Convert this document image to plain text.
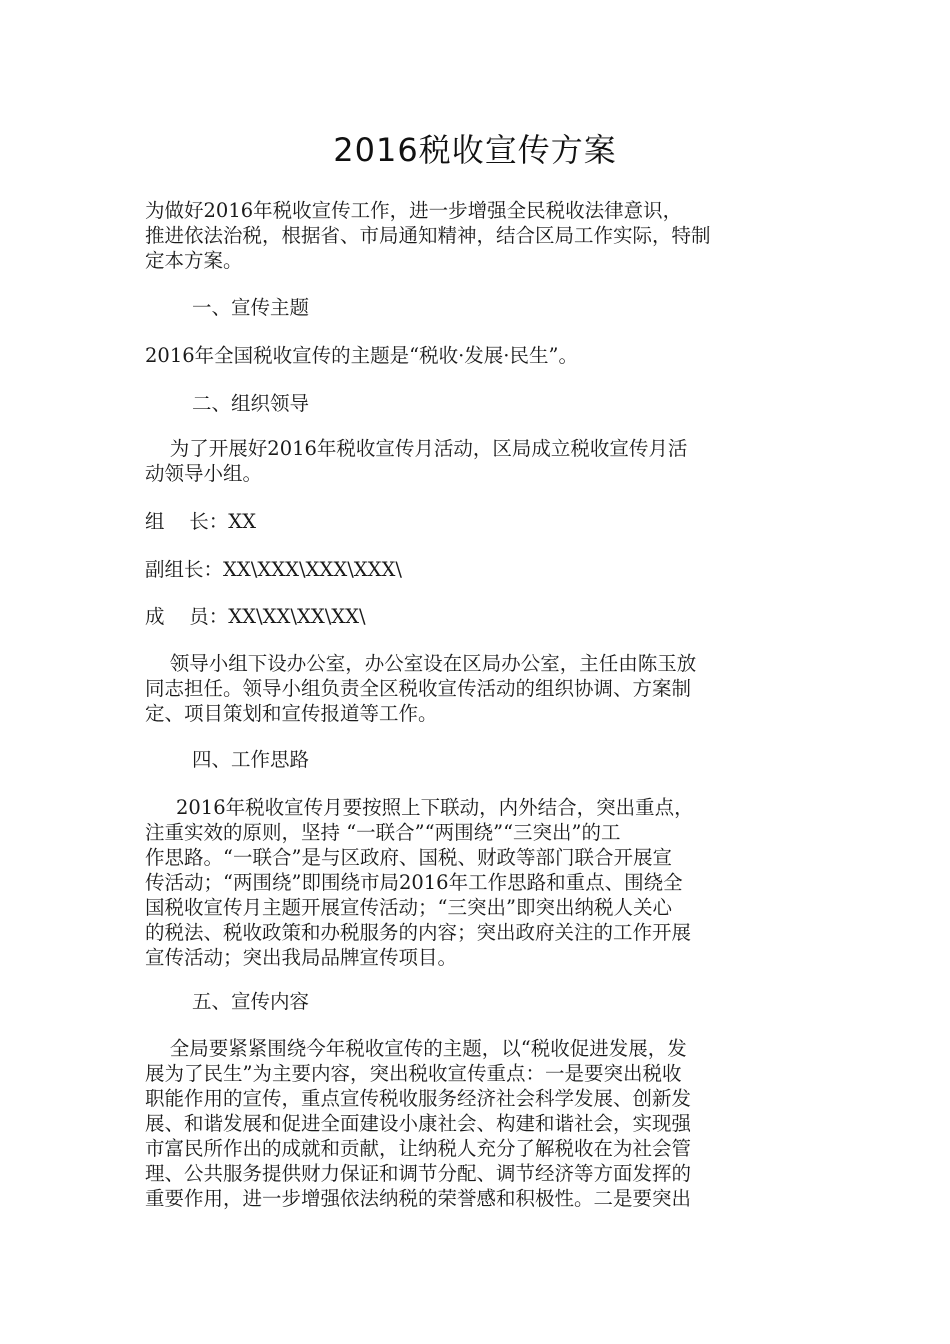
2016税收宣传方案
为做好2016年税收宣传工作，进一步增强全民税收法律意识，
推进依法治税，根据省、市局通知精神，结合区局工作实际，特制
定本方案。
一、宣传主题
2016年全国税收宣传的主题是“税收·发展·民生”。
二、组织领导
为了开展好2016年税收宣传月活动，区局成立税收宣传月活
动领导小组。
组    长：XX
副组长：XX\XXX\XXX\XXX\
成    员：XX\XX\XX\XX\
领导小组下设办公室，办公室设在区局办公室，主任由陈玉放
同志担任。领导小组负责全区税收宣传活动的组织协调、方案制
定、项目策划和宣传报道等工作。
四、工作思路
2016年税收宣传月要按照上下联动，内外结合，突出重点，
注重实效的原则，坚持 “一联合”“两围绕”“三突出”的工
作思路。“一联合”是与区政府、国税、财政等部门联合开展宣
传活动；“两围绕”即围绕市局2016年工作思路和重点、围绕全
国税收宣传月主题开展宣传活动；“三突出”即突出纳税人关心
的税法、税收政策和办税服务的内容；突出政府关注的工作开展
宣传活动；突出我局品牌宣传项目。
五、宣传内容
全局要紧紧围绕今年税收宣传的主题，以“税收促进发展，发
展为了民生”为主要内容，突出税收宣传重点：一是要突出税收
职能作用的宣传，重点宣传税收服务经济社会科学发展、创新发
展、和谐发展和促进全面建设小康社会、构建和谐社会，实现强
市富民所作出的成就和贡献，让纳税人充分了解税收在为社会管
理、公共服务提供财力保证和调节分配、调节经济等方面发挥的
重要作用，进一步增强依法纳税的荣誉感和积极性。二是要突出
